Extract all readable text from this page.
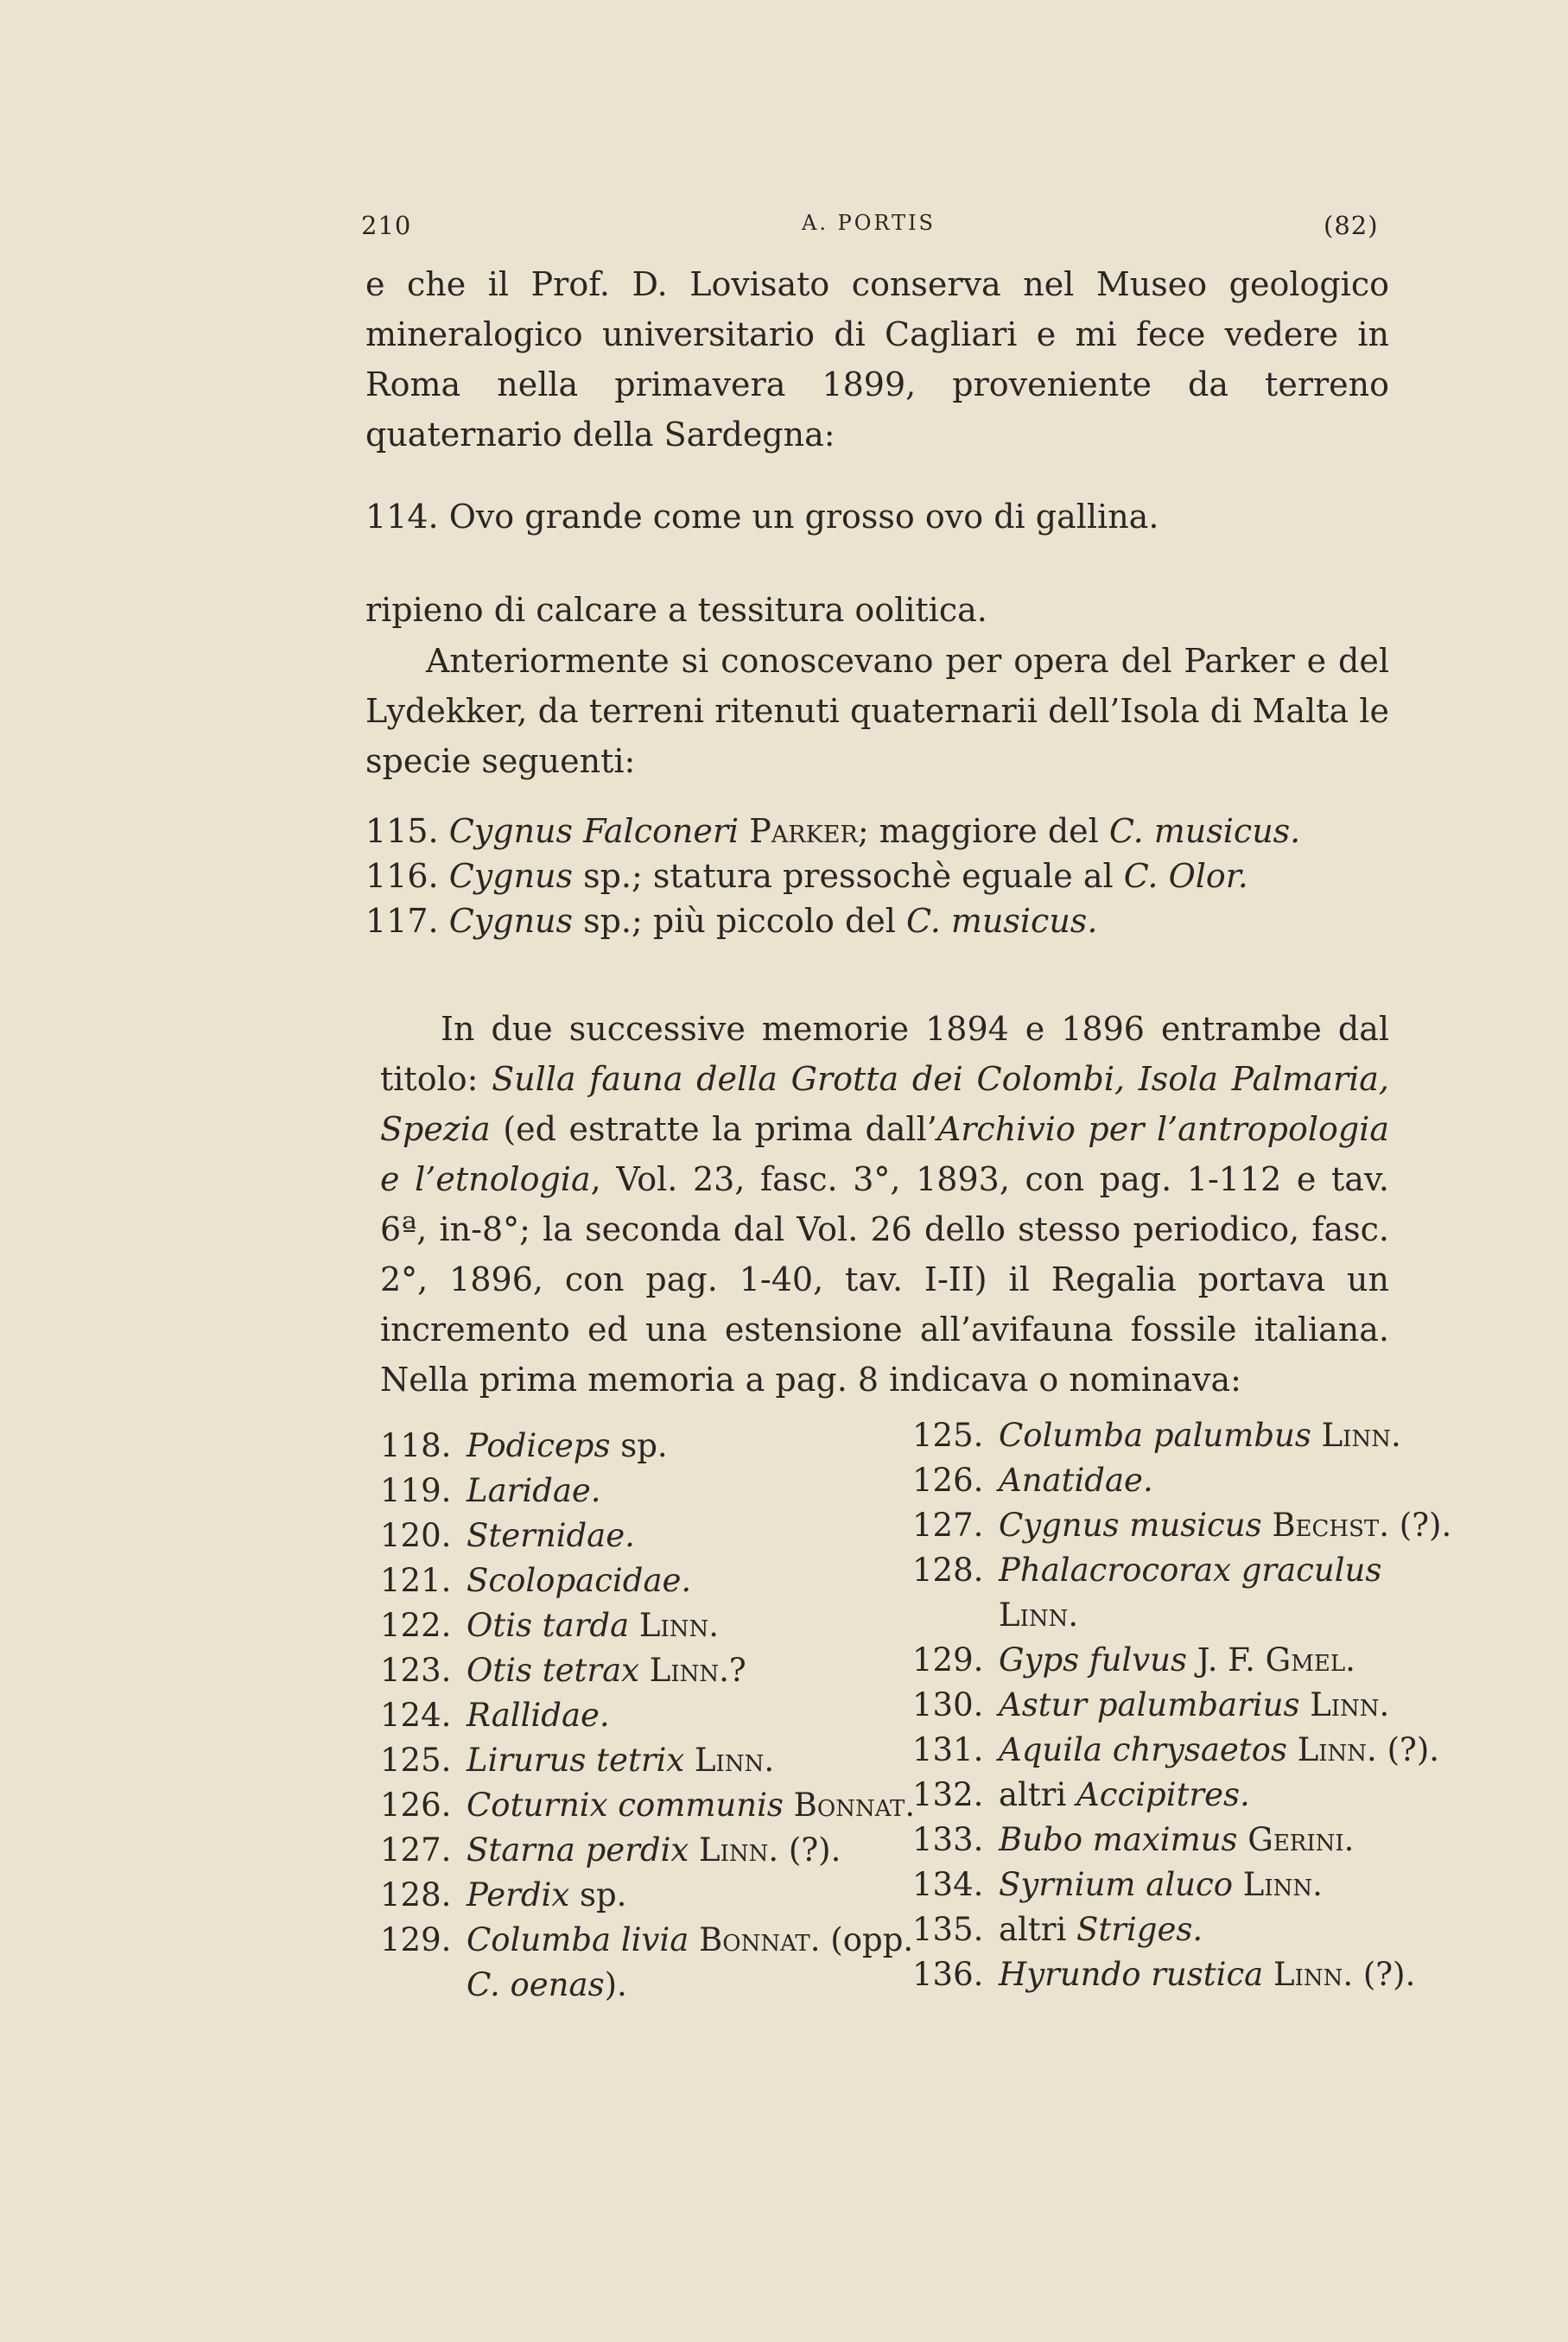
210	A. PORTIS	(82)

e che il Prof. D. Lovisato conserva nel Museo geologico mineralogico universitario di Cagliari e mi fece vedere in Roma nella primavera 1899, proveniente da terreno quaternario della Sardegna:

114. Ovo grande come un grosso ovo di gallina.
ripieno di calcare a tessitura oolitica.

Anteriormente si conoscevano per opera del Parker e del Lydekker, da terreni ritenuti quaternarii dell’Isola di Malta le specie seguenti:

115. Cygnus Falconeri Parker; maggiore del C. musicus.
116. Cygnus sp.; statura pressochè eguale al C. Olor.
117. Cygnus sp.; più piccolo del C. musicus.

In due successive memorie 1894 e 1896 entrambe dal titolo: Sulla fauna della Grotta dei Colombi, Isola Palmaria, Spezia (ed estratte la prima dall’Archivio per l’antropologia e l’etnologia, Vol. 23, fasc. 3°, 1893, con pag. 1-112 e tav. 6ª, in-8°; la seconda dal Vol. 26 dello stesso periodico, fasc. 2°, 1896, con pag. 1-40, tav. I-II) il Regalia portava un incremento ed una estensione all’avifauna fossile italiana. Nella prima memoria a pag. 8 indicava o nominava:

118. Podiceps sp.
119. Laridae.
120. Sternidae.
121. Scolopacidae.
122. Otis tarda Linn.
123. Otis tetrax Linn.?
124. Rallidae.
125. Lirurus tetrix Linn.
126. Coturnix communis Bonnat.
127. Starna perdix Linn. (?).
128. Perdix sp.
129. Columba livia Bonnat. (opp.
C. oenas).
125. Columba palumbus Linn.
126. Anatidae.
127. Cygnus musicus Bechst. (?).
128. Phalacrocorax graculus
Linn.
129. Gyps fulvus J. F. Gmel.
130. Astur palumbarius Linn.
131. Aquila chrysaetos Linn. (?).
132. altri Accipitres.
133. Bubo maximus Gerini.
134. Syrnium aluco Linn.
135. altri Striges.
136. Hyrundo rustica Linn. (?).
